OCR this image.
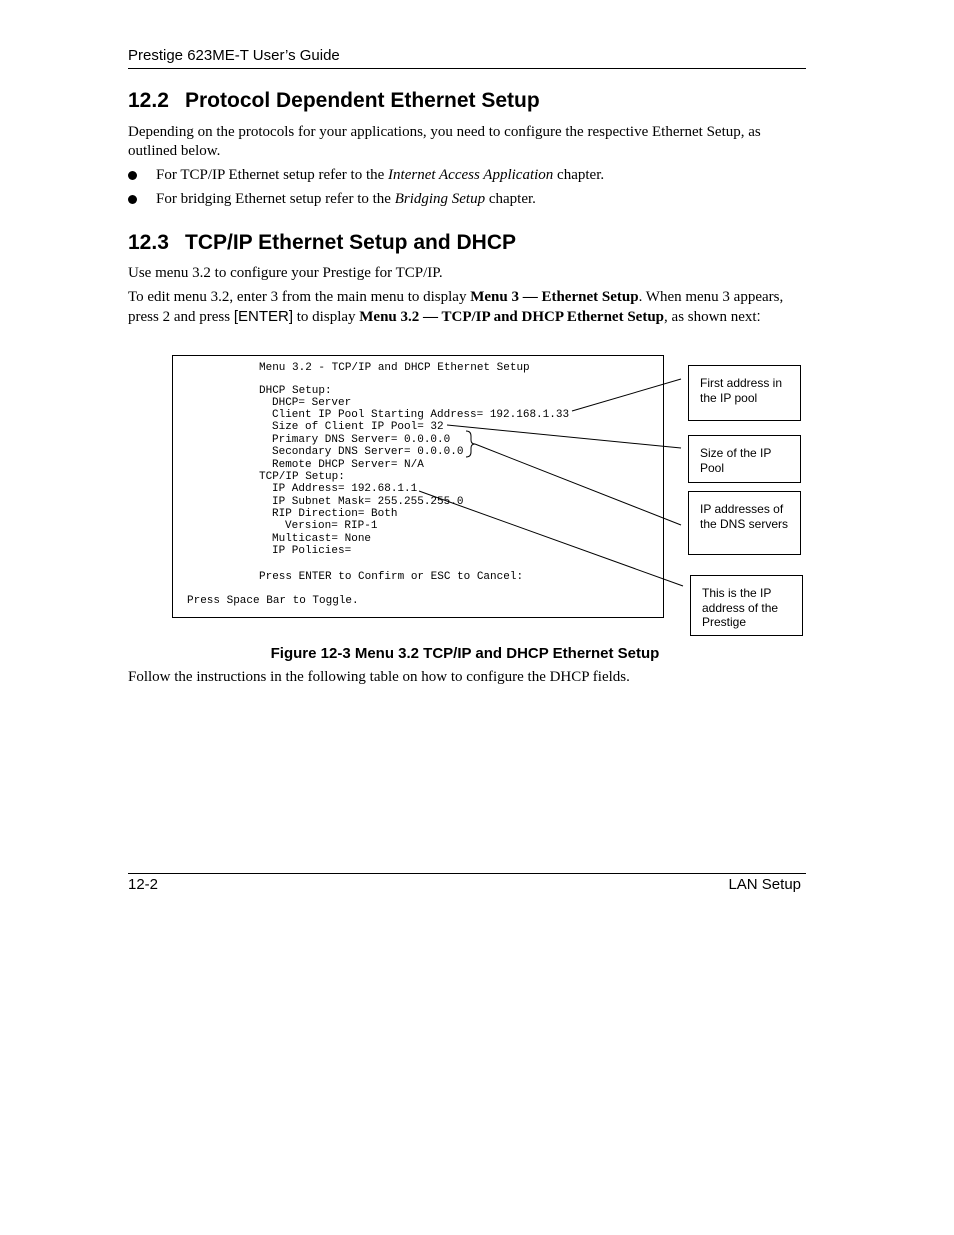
Prestige 623ME-T User’s Guide
12.2 Protocol Dependent Ethernet Setup
Depending on the protocols for your applications, you need to configure the respective Ethernet Setup, as outlined below.
For TCP/IP Ethernet setup refer to the Internet Access Application chapter.
For bridging Ethernet setup refer to the Bridging Setup chapter.
12.3 TCP/IP Ethernet Setup and DHCP
Use menu 3.2 to configure your Prestige for TCP/IP.
To edit menu 3.2, enter 3 from the main menu to display Menu 3 — Ethernet Setup. When menu 3 appears, press 2 and press [ENTER] to display Menu 3.2 — TCP/IP and DHCP Ethernet Setup, as shown next:
Menu 3.2 - TCP/IP and DHCP Ethernet Setup
DHCP Setup:
DHCP= Server
Client IP Pool Starting Address= 192.168.1.33
Size of Client IP Pool= 32
Primary DNS Server= 0.0.0.0
Secondary DNS Server= 0.0.0.0
Remote DHCP Server= N/A
TCP/IP Setup:
IP Address= 192.68.1.1
IP Subnet Mask= 255.255.255.0
RIP Direction= Both
Version= RIP-1
Multicast= None
IP Policies=
Press ENTER to Confirm or ESC to Cancel:
Press Space Bar to Toggle.
First address in the IP pool
Size of the IP Pool
IP addresses of the DNS servers
This is the IP address of the Prestige
Figure 12-3 Menu 3.2 TCP/IP and DHCP Ethernet Setup
Follow the instructions in the following table on how to configure the DHCP fields.
12-2	LAN Setup
